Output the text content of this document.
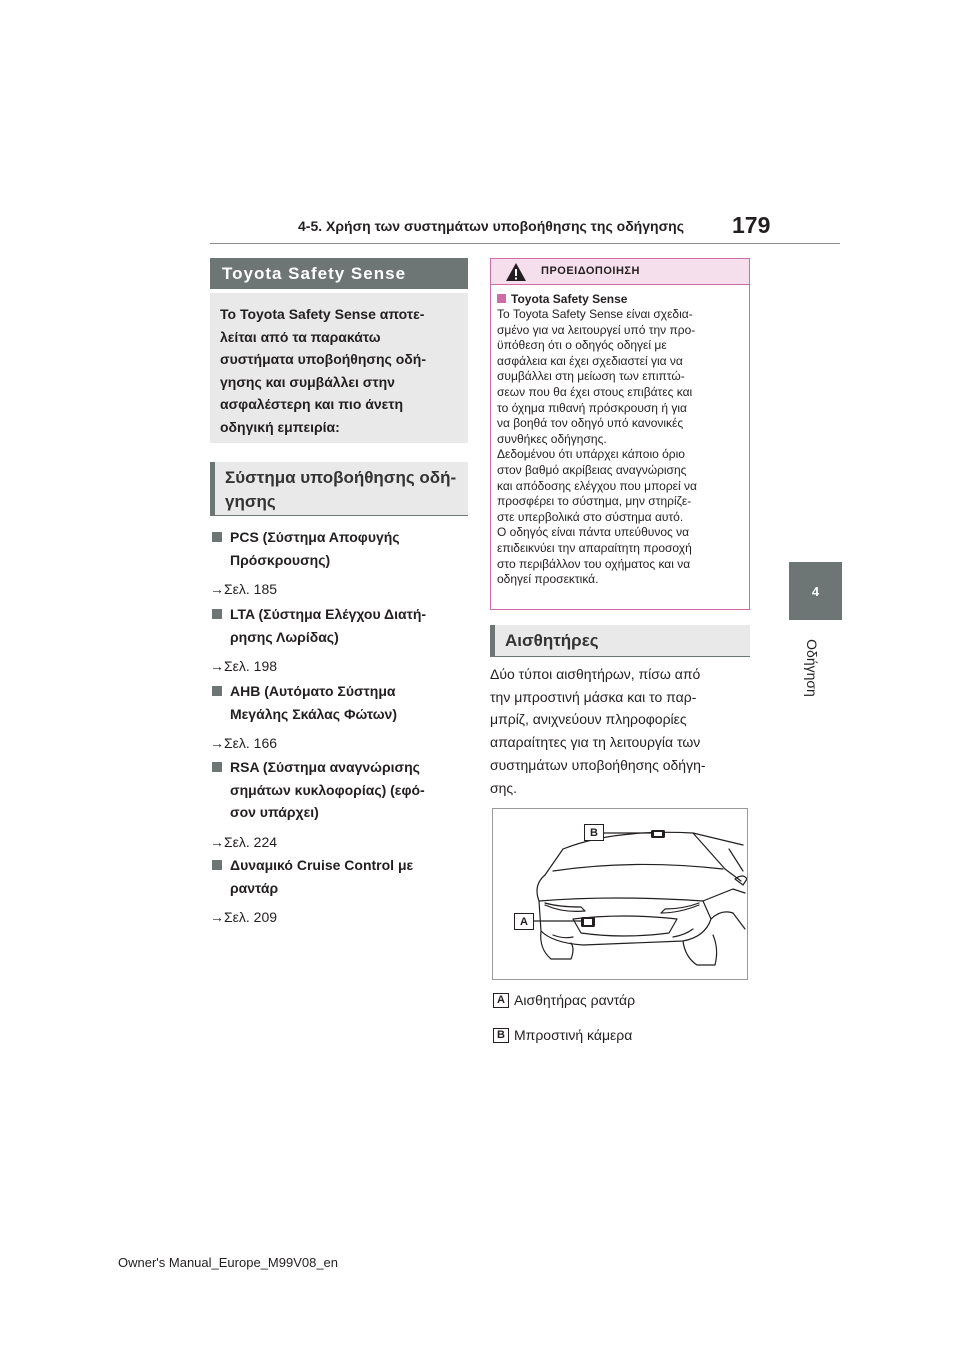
4-5. Χρήση των συστημάτων υποβοήθησης της οδήγησης 179
4
Οδήγηση
Toyota Safety Sense
Το Toyota Safety Sense αποτε-
λείται από τα παρακάτω
συστήματα υποβοήθησης οδή-
γησης και συμβάλλει στην
ασφαλέστερη και πιο άνετη
οδηγική εμπειρία:
Σύστημα υποβοήθησης οδή-
γησης
PCS (Σύστημα Αποφυγής
Πρόσκρουσης)
→Σελ. 185
LTA (Σύστημα Ελέγχου Διατή-
ρησης Λωρίδας)
→Σελ. 198
AHB (Αυτόματο Σύστημα
Μεγάλης Σκάλας Φώτων)
→Σελ. 166
RSA (Σύστημα αναγνώρισης
σημάτων κυκλοφορίας) (εφό-
σον υπάρχει)
→Σελ. 224
Δυναμικό Cruise Control με
ραντάρ
→Σελ. 209
ΠΡΟΕΙΔΟΠΟΙΗΣΗ
Toyota Safety Sense
Το Toyota Safety Sense είναι σχεδια-
σμένο για να λειτουργεί υπό την προ-
ϋπόθεση ότι ο οδηγός οδηγεί με
ασφάλεια και έχει σχεδιαστεί για να
συμβάλλει στη μείωση των επιπτώ-
σεων που θα έχει στους επιβάτες και
το όχημα πιθανή πρόσκρουση ή για
να βοηθά τον οδηγό υπό κανονικές
συνθήκες οδήγησης.
Δεδομένου ότι υπάρχει κάποιο όριο
στον βαθμό ακρίβειας αναγνώρισης
και απόδοσης ελέγχου που μπορεί να
προσφέρει το σύστημα, μην στηρίζε-
στε υπερβολικά στο σύστημα αυτό.
Ο οδηγός είναι πάντα υπεύθυνος να
επιδεικνύει την απαραίτητη προσοχή
στο περιβάλλον του οχήματος και να
οδηγεί προσεκτικά.
Αισθητήρες
Δύο τύποι αισθητήρων, πίσω από
την μπροστινή μάσκα και το παρ-
μπρίζ, ανιχνεύουν πληροφορίες
απαραίτητες για τη λειτουργία των
συστημάτων υποβοήθησης οδήγη-
σης.
B
A
A Αισθητήρας ραντάρ
B Μπροστινή κάμερα
Owner's Manual_Europe_M99V08_en
